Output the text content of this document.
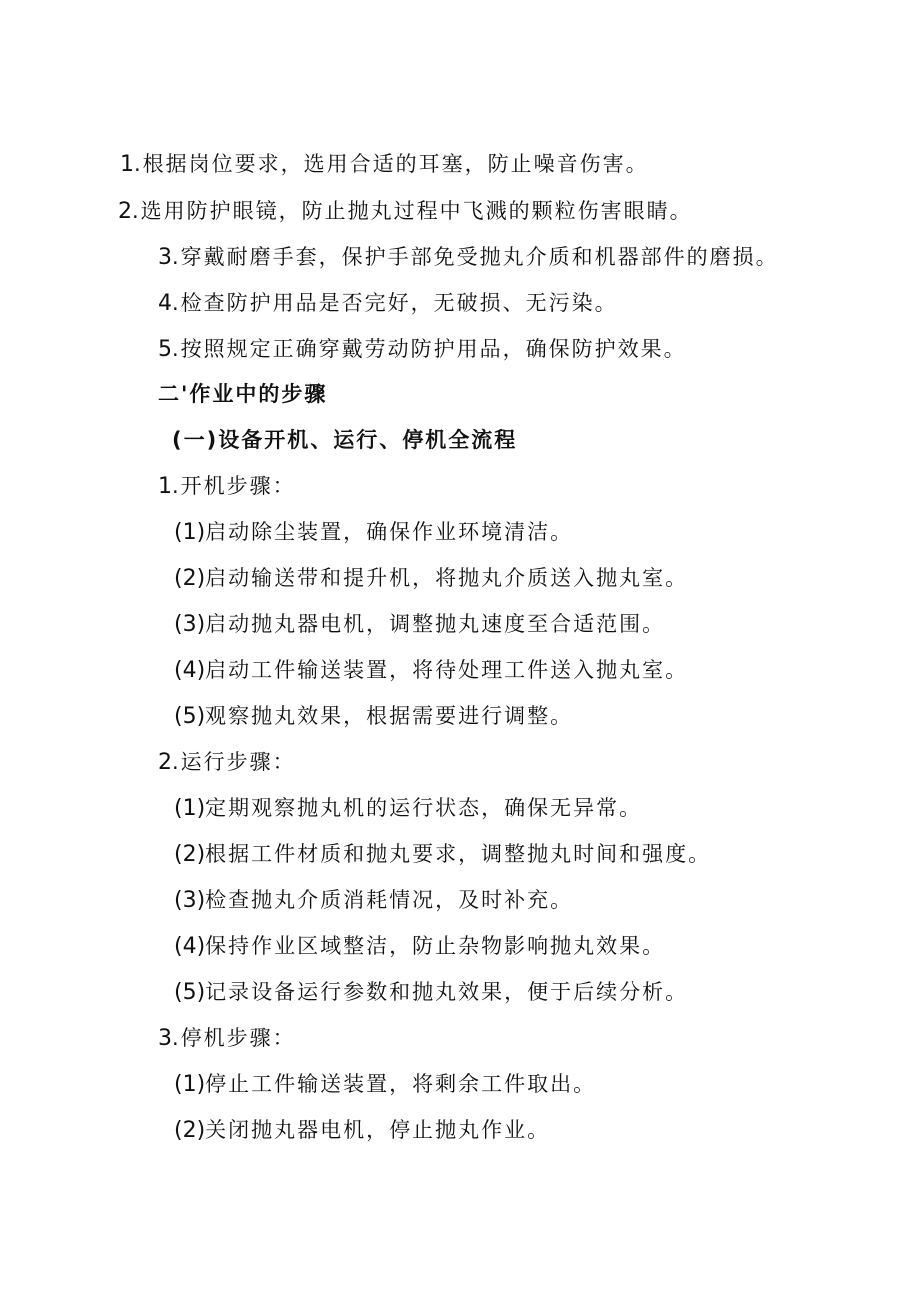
1.根据岗位要求，选用合适的耳塞，防止噪音伤害。
2.选用防护眼镜，防止抛丸过程中飞溅的颗粒伤害眼睛。
3.穿戴耐磨手套，保护手部免受抛丸介质和机器部件的磨损。
4.检查防护用品是否完好，无破损、无污染。
5.按照规定正确穿戴劳动防护用品，确保防护效果。
二'作业中的步骤
(一)设备开机、运行、停机全流程
1.开机步骤：
(1)启动除尘装置，确保作业环境清洁。
(2)启动输送带和提升机，将抛丸介质送入抛丸室。
(3)启动抛丸器电机，调整抛丸速度至合适范围。
(4)启动工件输送装置，将待处理工件送入抛丸室。
(5)观察抛丸效果，根据需要进行调整。
2.运行步骤：
(1)定期观察抛丸机的运行状态，确保无异常。
(2)根据工件材质和抛丸要求，调整抛丸时间和强度。
(3)检查抛丸介质消耗情况，及时补充。
(4)保持作业区域整洁，防止杂物影响抛丸效果。
(5)记录设备运行参数和抛丸效果，便于后续分析。
3.停机步骤：
(1)停止工件输送装置，将剩余工件取出。
(2)关闭抛丸器电机，停止抛丸作业。
